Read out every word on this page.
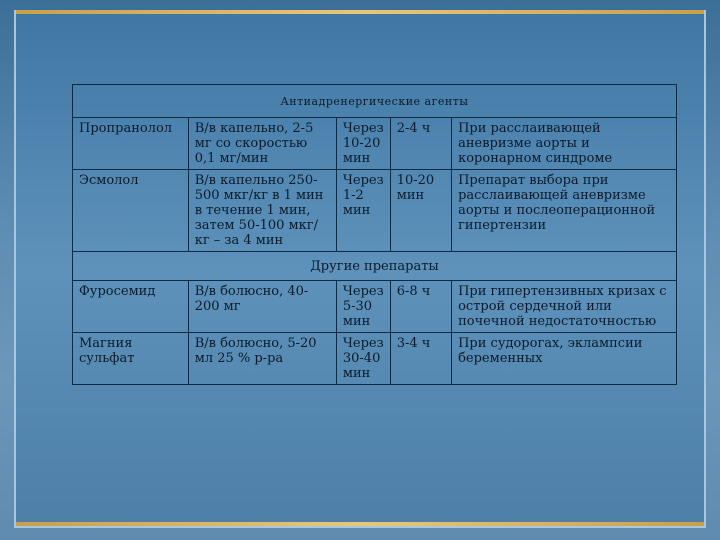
Антиадренергические агенты				
Пропранолол	В/в капельно, 2-5 мг со скоростью 0,1 мг/мин	Через 10-20 мин	2-4 ч	При расслаивающей аневризме аорты и коронарном синдроме
Эсмолол	В/в капельно 250-500 мкг/кг в 1 мин в течение 1 мин, затем 50-100 мкг/кг – за 4 мин	Через 1-2 мин	10-20 мин	Препарат выбора при расслаивающей аневризме аорты и послеоперационной гипертензии
Другие препараты				
Фуросемид	В/в болюсно, 40-200 мг	Через 5-30 мин	6-8 ч	При гипертензивных кризах с острой сердечной или почечной недостаточностью
Магния сульфат	В/в болюсно, 5-20 мл 25 % р-ра	Через 30-40 мин	3-4 ч	При судорогах, эклампсии беременных
